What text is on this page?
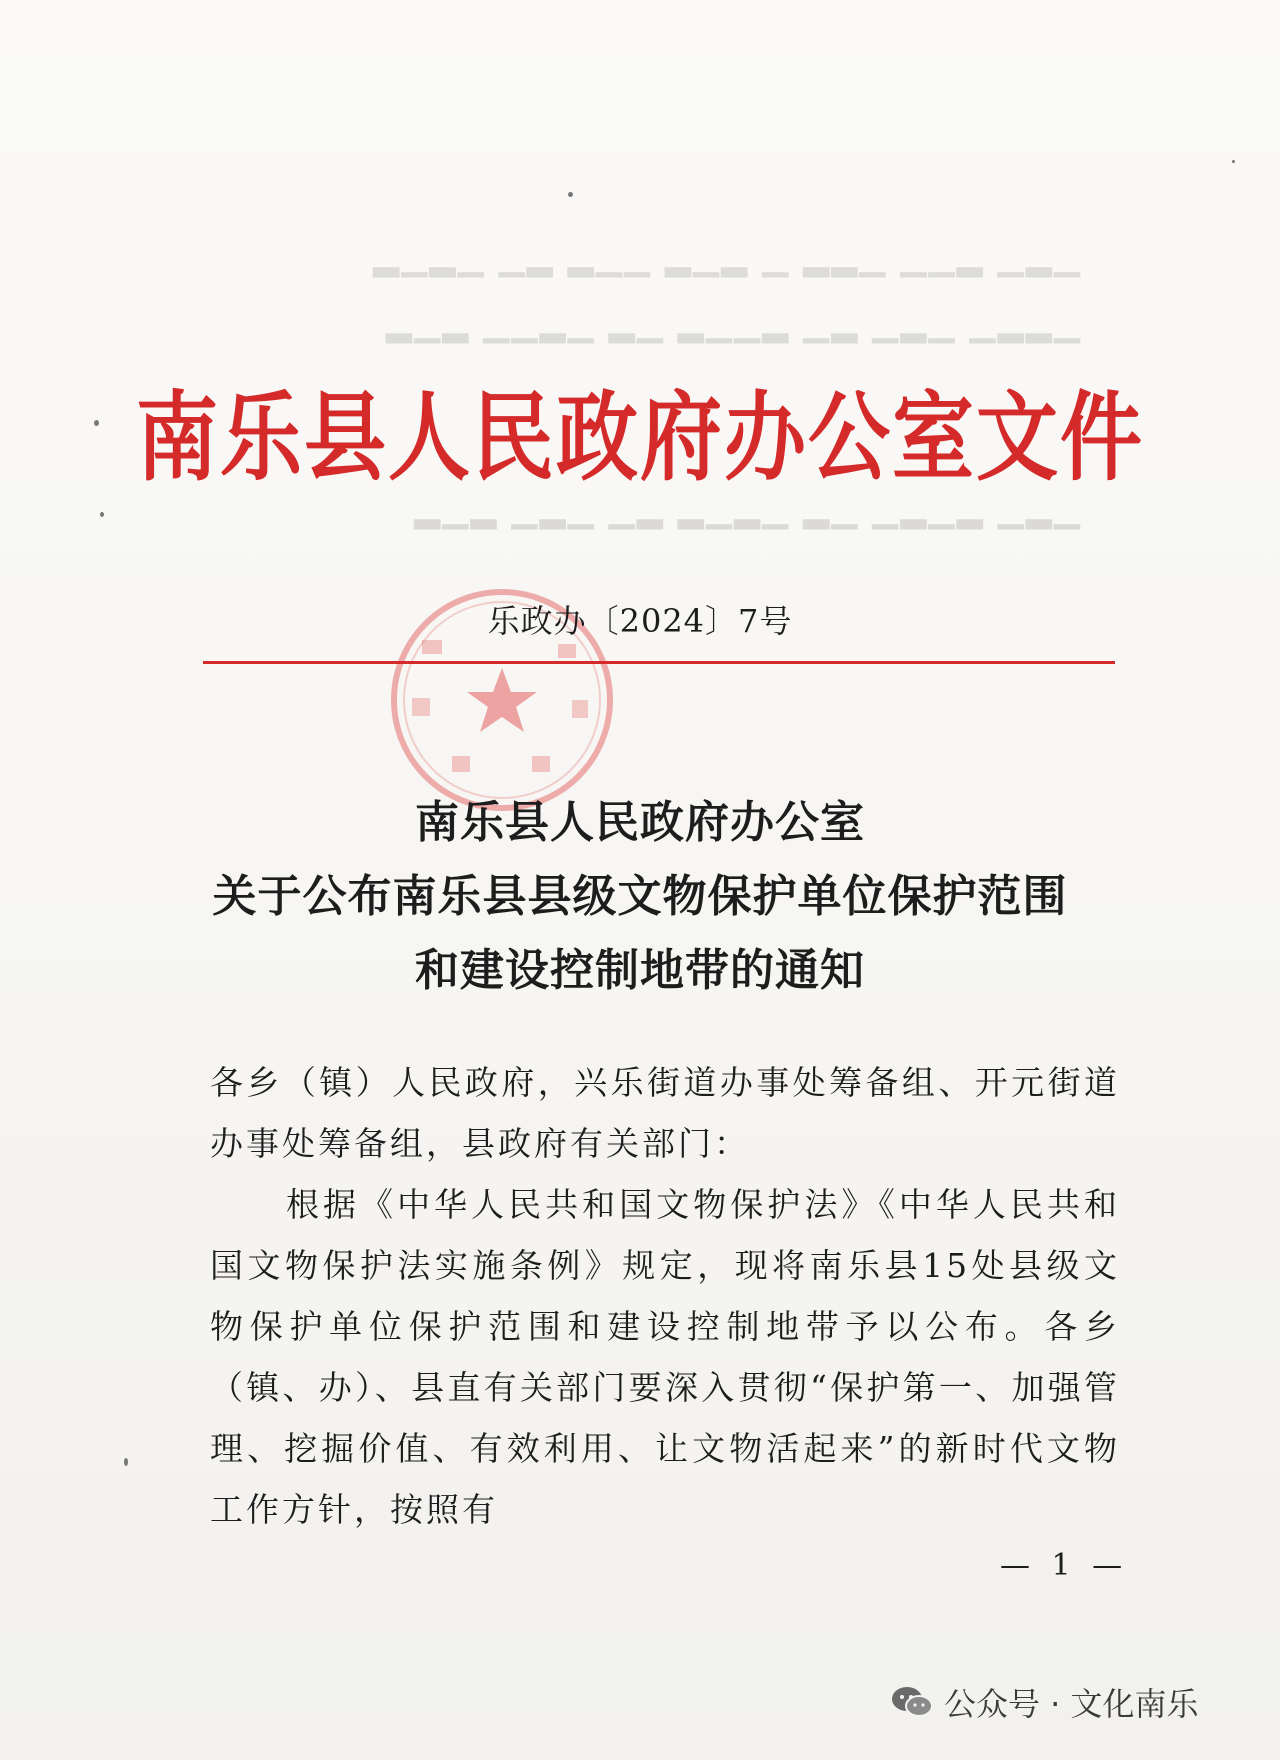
▁▂▁ ▂▁▁ ▁▂▂ ▁ ▂▁▂ ▁▁▂ ▂▁ ▁▂▁▂
▁▂▂▁ ▁▂▁ ▂▁ ▂▁▁▂ ▁▂ ▁▂▁▁ ▂▁▂
▁▂▁ ▂▁▂▁ ▁▂ ▁▂▁▂ ▂▁ ▁▂▁ ▂▁▂
南乐县人民政府办公室文件
乐政办〔2024〕7号
南乐县人民政府办公室
关于公布南乐县县级文物保护单位保护范围
和建设控制地带的通知
各乡（镇）人民政府，兴乐街道办事处筹备组、开元街道办事处筹备组，县政府有关部门：
根据《中华人民共和国文物保护法》《中华人民共和国文物保护法实施条例》规定，现将南乐县15处县级文物保护单位保护范围和建设控制地带予以公布。各乡（镇、办）、县直有关部门要深入贯彻“保护第一、加强管理、挖掘价值、有效利用、让文物活起来”的新时代文物工作方针，按照有
— 1 —
公众号 · 文化南乐
